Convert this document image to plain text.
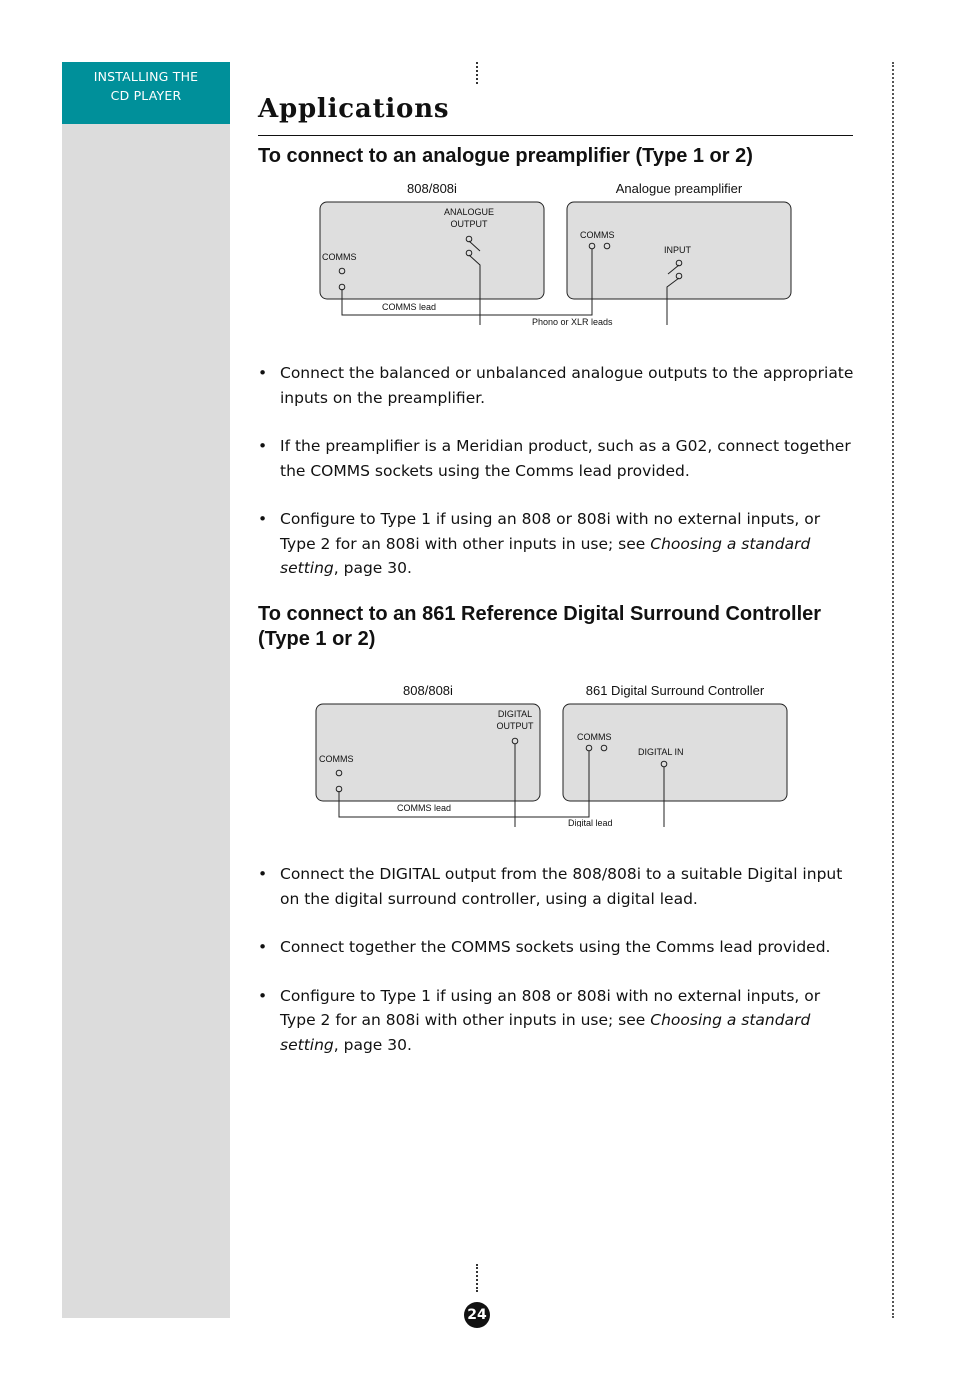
INSTALLING THE
CD PLAYER	Applications
To connect to an analogue preamplifier (Type 1 or 2)
808/808i	Analogue preamplifier
ANALOGUE
OUTPUT
COMMS
COMMS
INPUT
COMMS lead
Phono or XLR leads
• Connect the balanced or unbalanced analogue outputs to the appropriate inputs on the preamplifier.
• If the preamplifier is a Meridian product, such as a G02, connect together the COMMS sockets using the Comms lead provided.
• Configure to Type 1 if using an 808 or 808i with no external inputs, or Type 2 for an 808i with other inputs in use; see Choosing a standard setting, page 30.
To connect to an 861 Reference Digital Surround Controller (Type 1 or 2)
808/808i	861 Digital Surround Controller
DIGITAL
OUTPUT
COMMS
COMMS
DIGITAL IN
COMMS lead
Digital lead
• Connect the DIGITAL output from the 808/808i to a suitable Digital input on the digital surround controller, using a digital lead.
• Connect together the COMMS sockets using the Comms lead provided.
• Configure to Type 1 if using an 808 or 808i with no external inputs, or Type 2 for an 808i with other inputs in use; see Choosing a standard setting, page 30.
24
